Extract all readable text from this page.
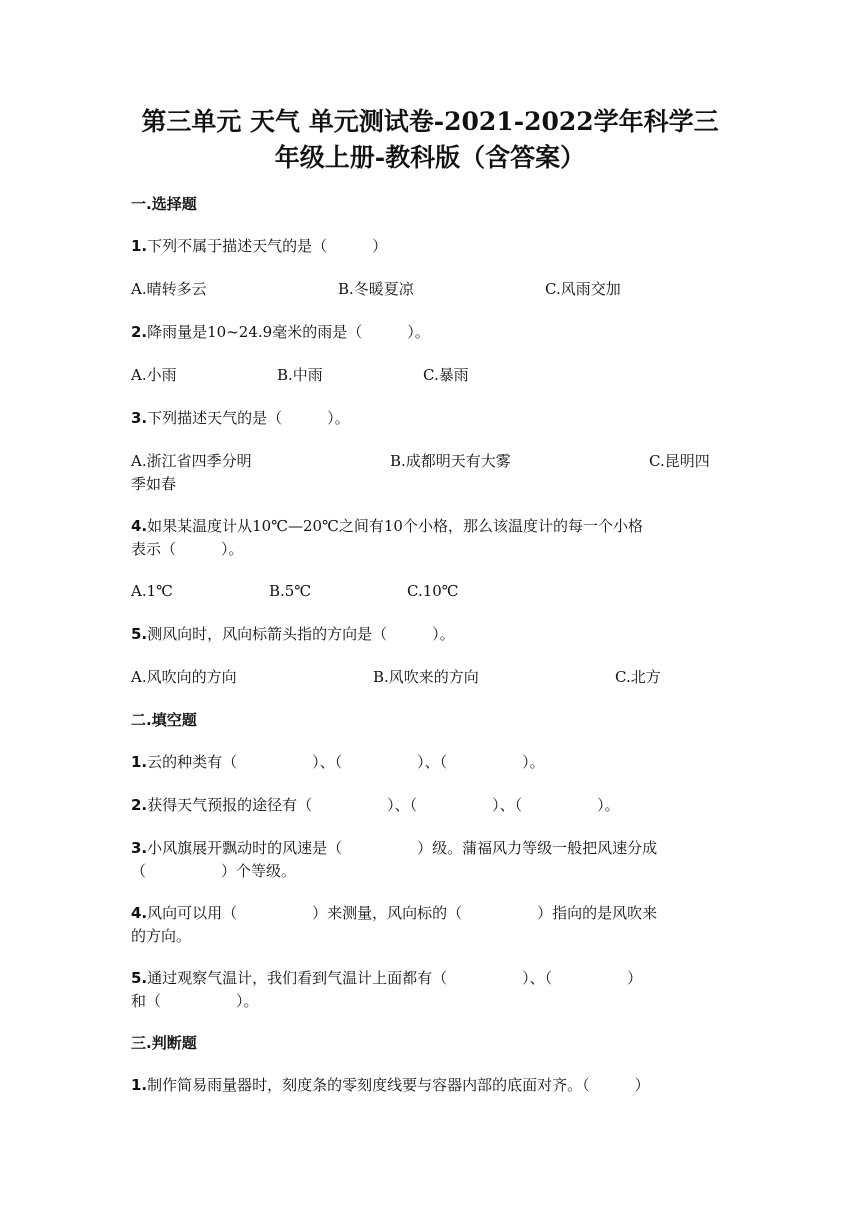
第三单元 天气 单元测试卷-2021-2022学年科学三
年级上册-教科版（含答案）
一.选择题
1.下列不属于描述天气的是（　　　）
A.晴转多云	B.冬暖夏凉	C.风雨交加
2.降雨量是10~24.9毫米的雨是（　　　）。
A.小雨	B.中雨	C.暴雨
3.下列描述天气的是（　　　）。
A.浙江省四季分明	B.成都明天有大雾	C.昆明四
季如春
4.如果某温度计从10℃—20℃之间有10个小格，那么该温度计的每一个小格
表示（　　　）。
A.1℃	B.5℃	C.10℃
5.测风向时，风向标箭头指的方向是（　　　）。
A.风吹向的方向	B.风吹来的方向	C.北方
二.填空题
1.云的种类有（　　　　　）、（　　　　　）、（　　　　　）。
2.获得天气预报的途径有（　　　　　）、（　　　　　）、（　　　　　）。
3.小风旗展开飘动时的风速是（　　　　　）级。蒲福风力等级一般把风速分成
（　　　　　）个等级。
4.风向可以用（　　　　　）来测量，风向标的（　　　　　）指向的是风吹来
的方向。
5.通过观察气温计，我们看到气温计上面都有（　　　　　）、（　　　　　）
和（　　　　　）。
三.判断题
1.制作简易雨量器时，刻度条的零刻度线要与容器内部的底面对齐。（　　　）
